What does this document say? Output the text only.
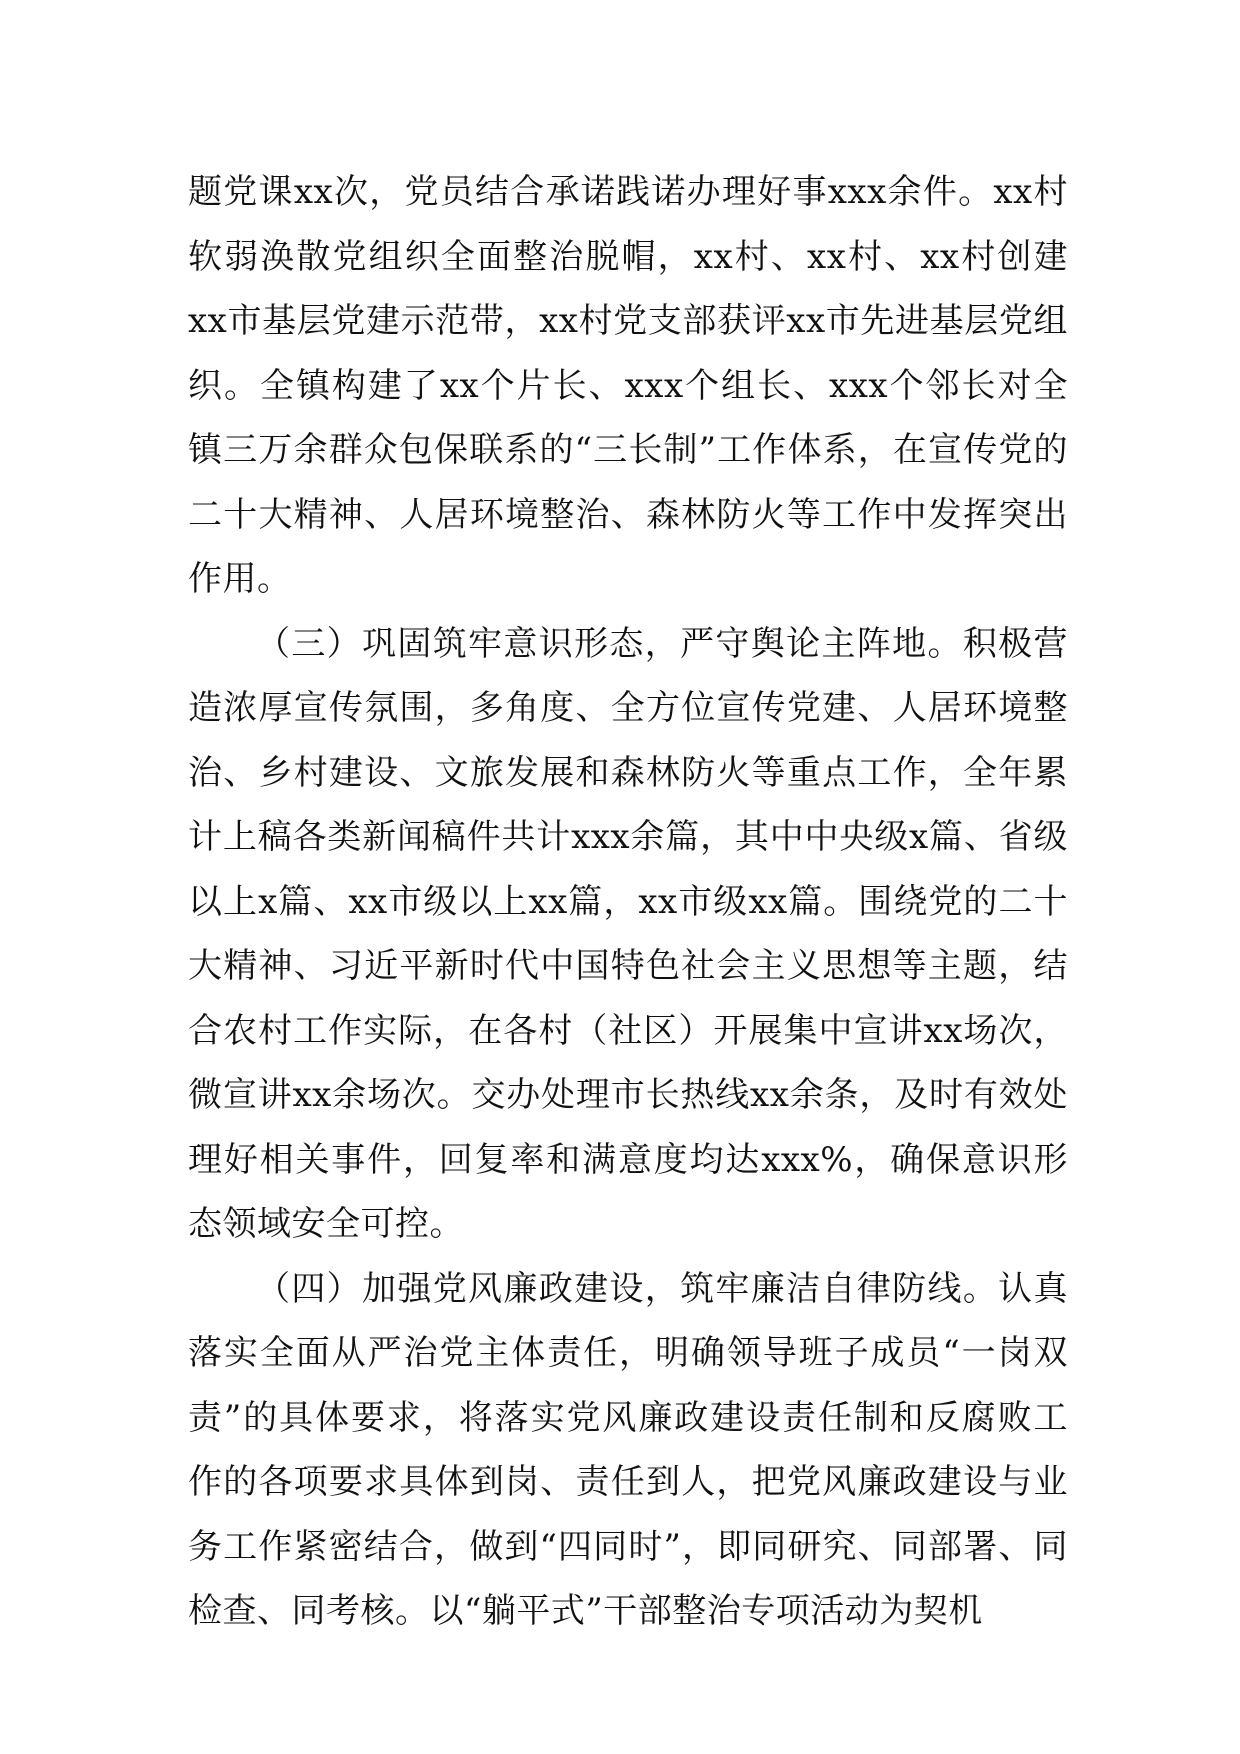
题党课xx次，党员结合承诺践诺办理好事xxx余件。xx村软弱涣散党组织全面整治脱帽，xx村、xx村、xx村创建xx市基层党建示范带，xx村党支部获评xx市先进基层党组织。全镇构建了xx个片长、xxx个组长、xxx个邻长对全镇三万余群众包保联系的“三长制”工作体系，在宣传党的二十大精神、人居环境整治、森林防火等工作中发挥突出作用。

（三）巩固筑牢意识形态，严守舆论主阵地。积极营造浓厚宣传氛围，多角度、全方位宣传党建、人居环境整治、乡村建设、文旅发展和森林防火等重点工作，全年累计上稿各类新闻稿件共计xxx余篇，其中中央级x篇、省级以上x篇、xx市级以上xx篇，xx市级xx篇。围绕党的二十大精神、习近平新时代中国特色社会主义思想等主题，结合农村工作实际，在各村（社区）开展集中宣讲xx场次，微宣讲xx余场次。交办处理市长热线xx余条，及时有效处理好相关事件，回复率和满意度均达xxx%，确保意识形态领域安全可控。

（四）加强党风廉政建设，筑牢廉洁自律防线。认真落实全面从严治党主体责任，明确领导班子成员“一岗双责”的具体要求，将落实党风廉政建设责任制和反腐败工作的各项要求具体到岗、责任到人，把党风廉政建设与业务工作紧密结合，做到“四同时”，即同研究、同部署、同检查、同考核。以“躺平式”干部整治专项活动为契机
